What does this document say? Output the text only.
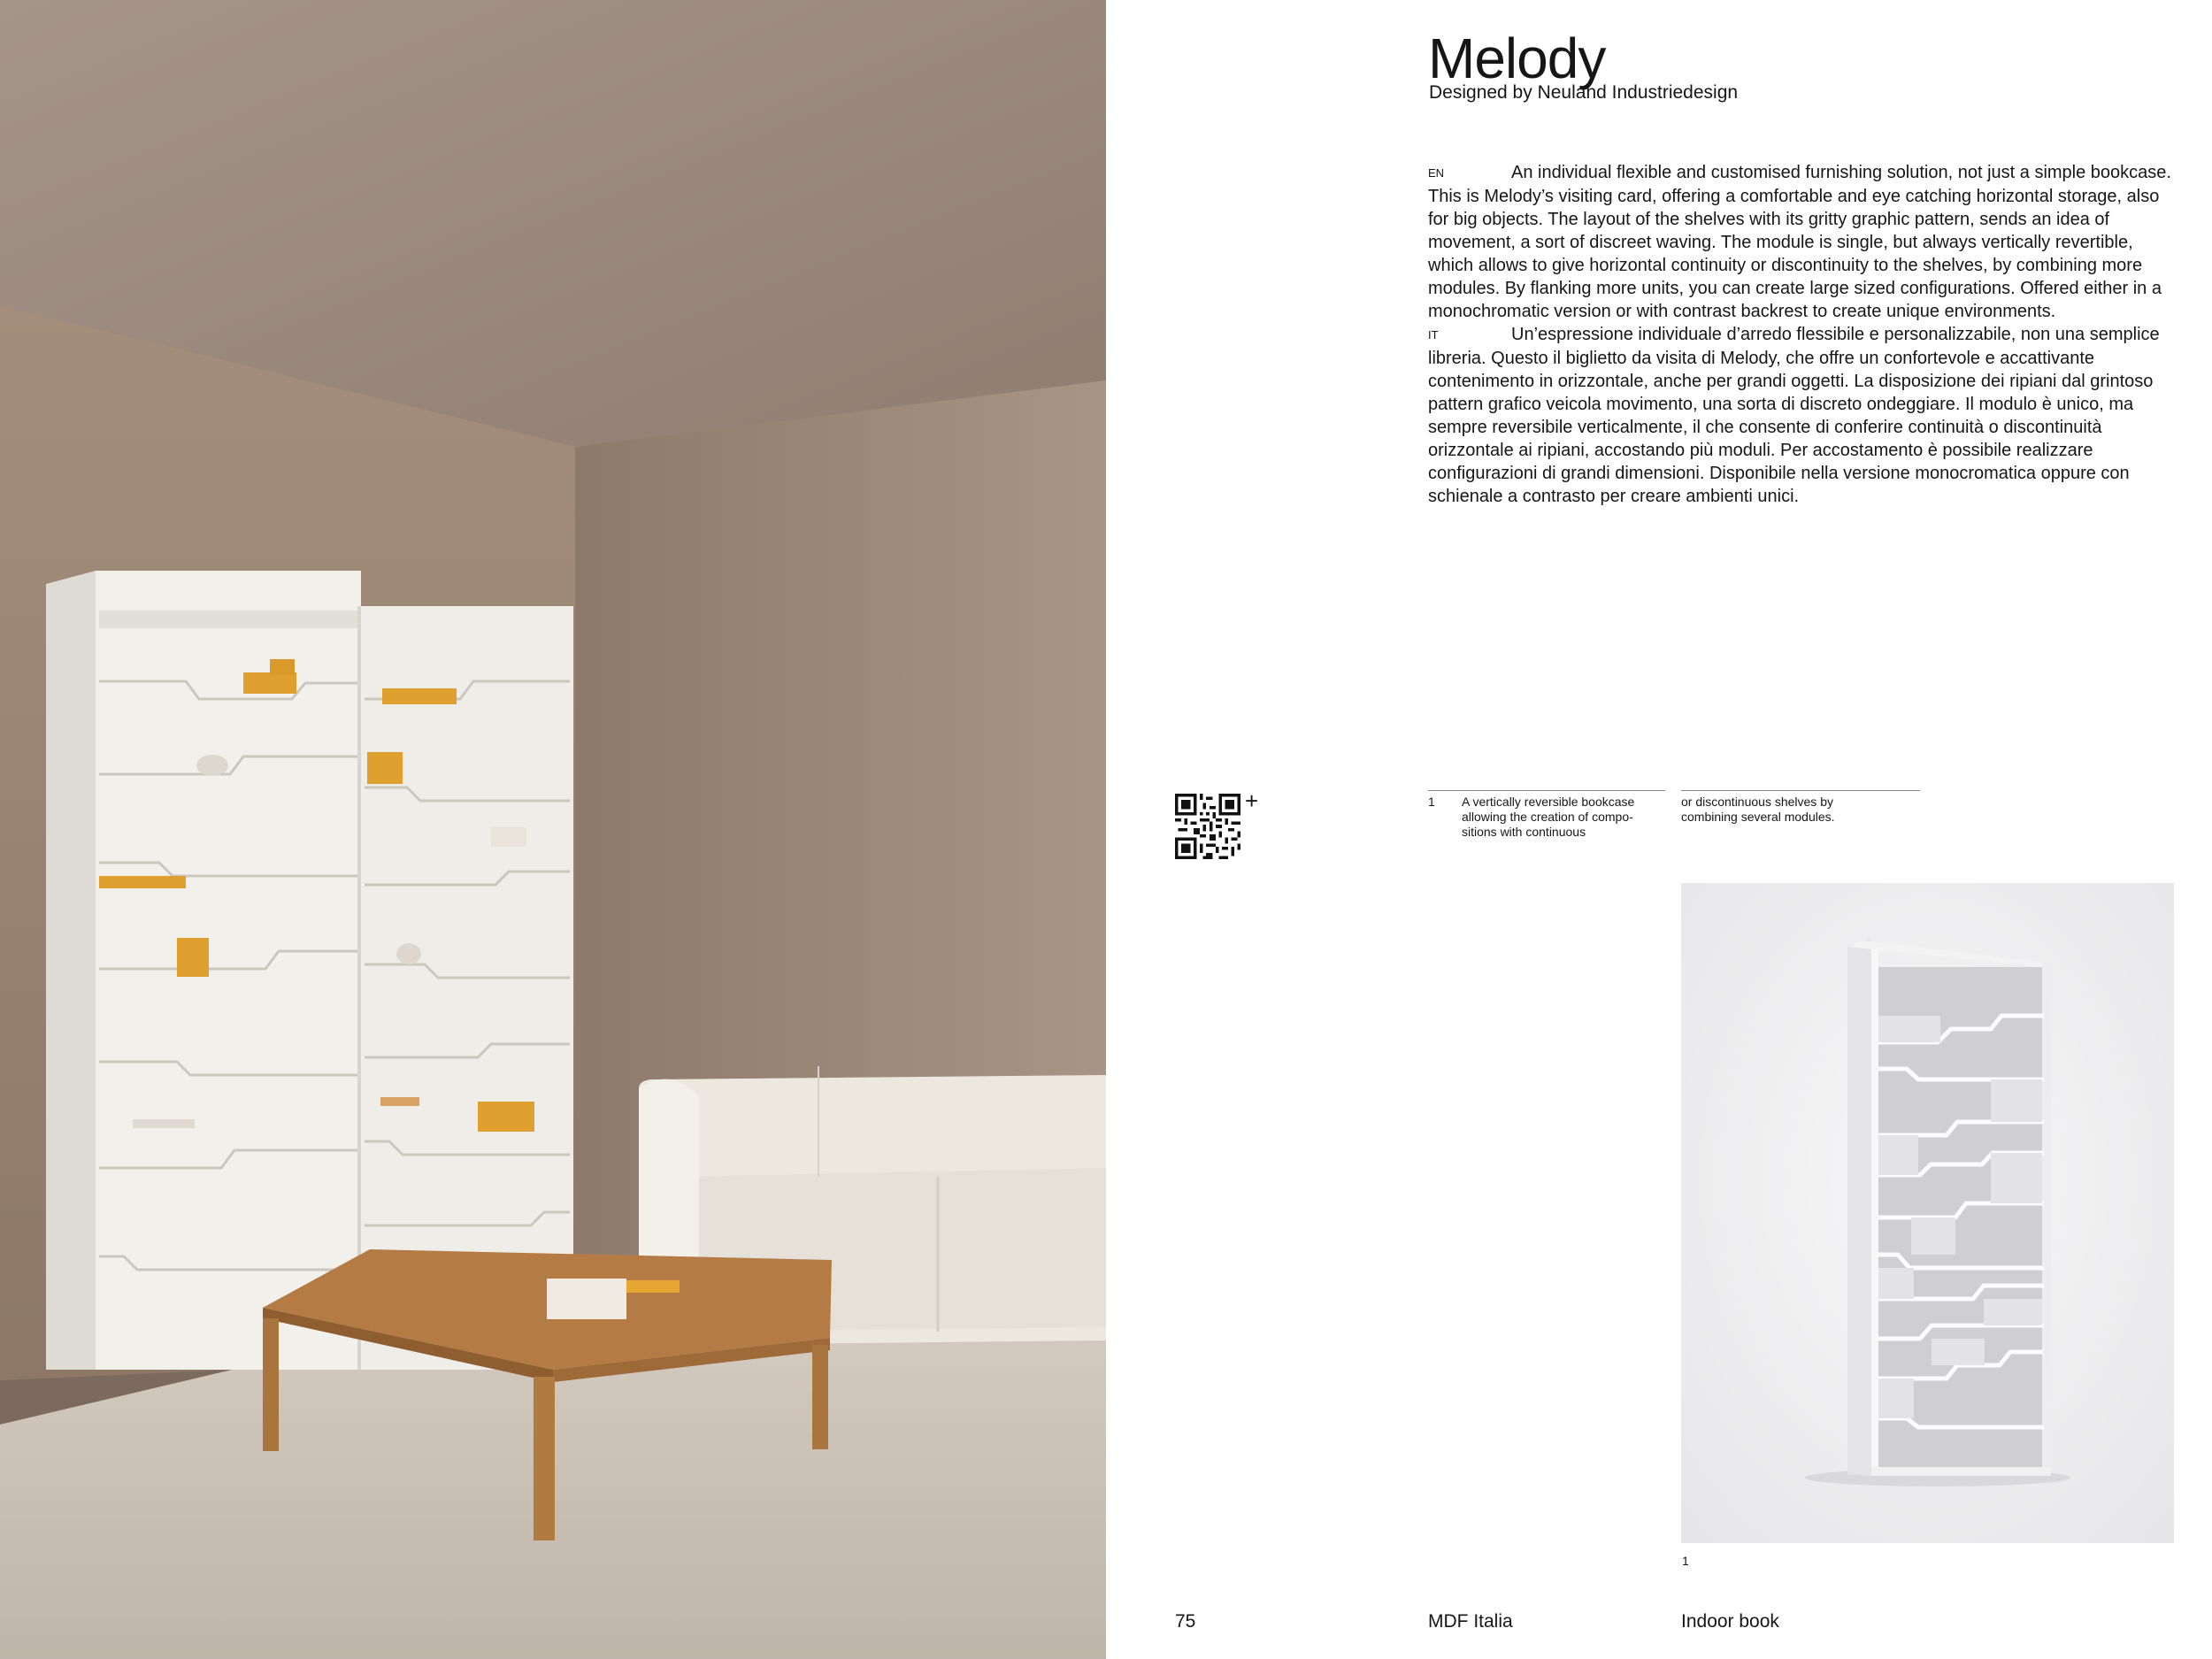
Melody
Designed by Neuland Industriedesign

EN	An individual flexible and customised furnishing solution, not just a simple bookcase. This is Melody’s visiting card, offering a comfortable and eye catching horizontal storage, also for big objects. The layout of the shelves with its gritty graphic pattern, sends an idea of movement, a sort of discreet waving. The module is single, but always vertically revertible, which allows to give horizontal continuity or discontinuity to the shelves, by combining more modules. By flanking more units, you can create large sized configurations. Offered either in a monochromatic version or with contrast backrest to create unique environments.

IT	Un’espressione individuale d’arredo flessibile e personalizzabile, non una semplice libreria. Questo il biglietto da visita di Melody, che offre un confortevole e accattivante contenimento in orizzontale, anche per grandi oggetti. La disposizione dei ripiani dal grintoso pattern grafico veicola movimento, una sorta di discreto ondeggiare. Il modulo è unico, ma sempre reversibile verticalmente, il che consente di conferire continuità o discontinuità orizzontale ai ripiani, accostando più moduli. Per accostamento è possibile realizzare configurazioni di grandi dimensioni. Disponibile nella versione monocromatica oppure con schienale a contrasto per creare ambienti unici.

+	1 A vertically reversible bookcase allowing the creation of compo-sitions with continuous
or discontinuous shelves by combining several modules.
1
75	MDF Italia	Indoor book
